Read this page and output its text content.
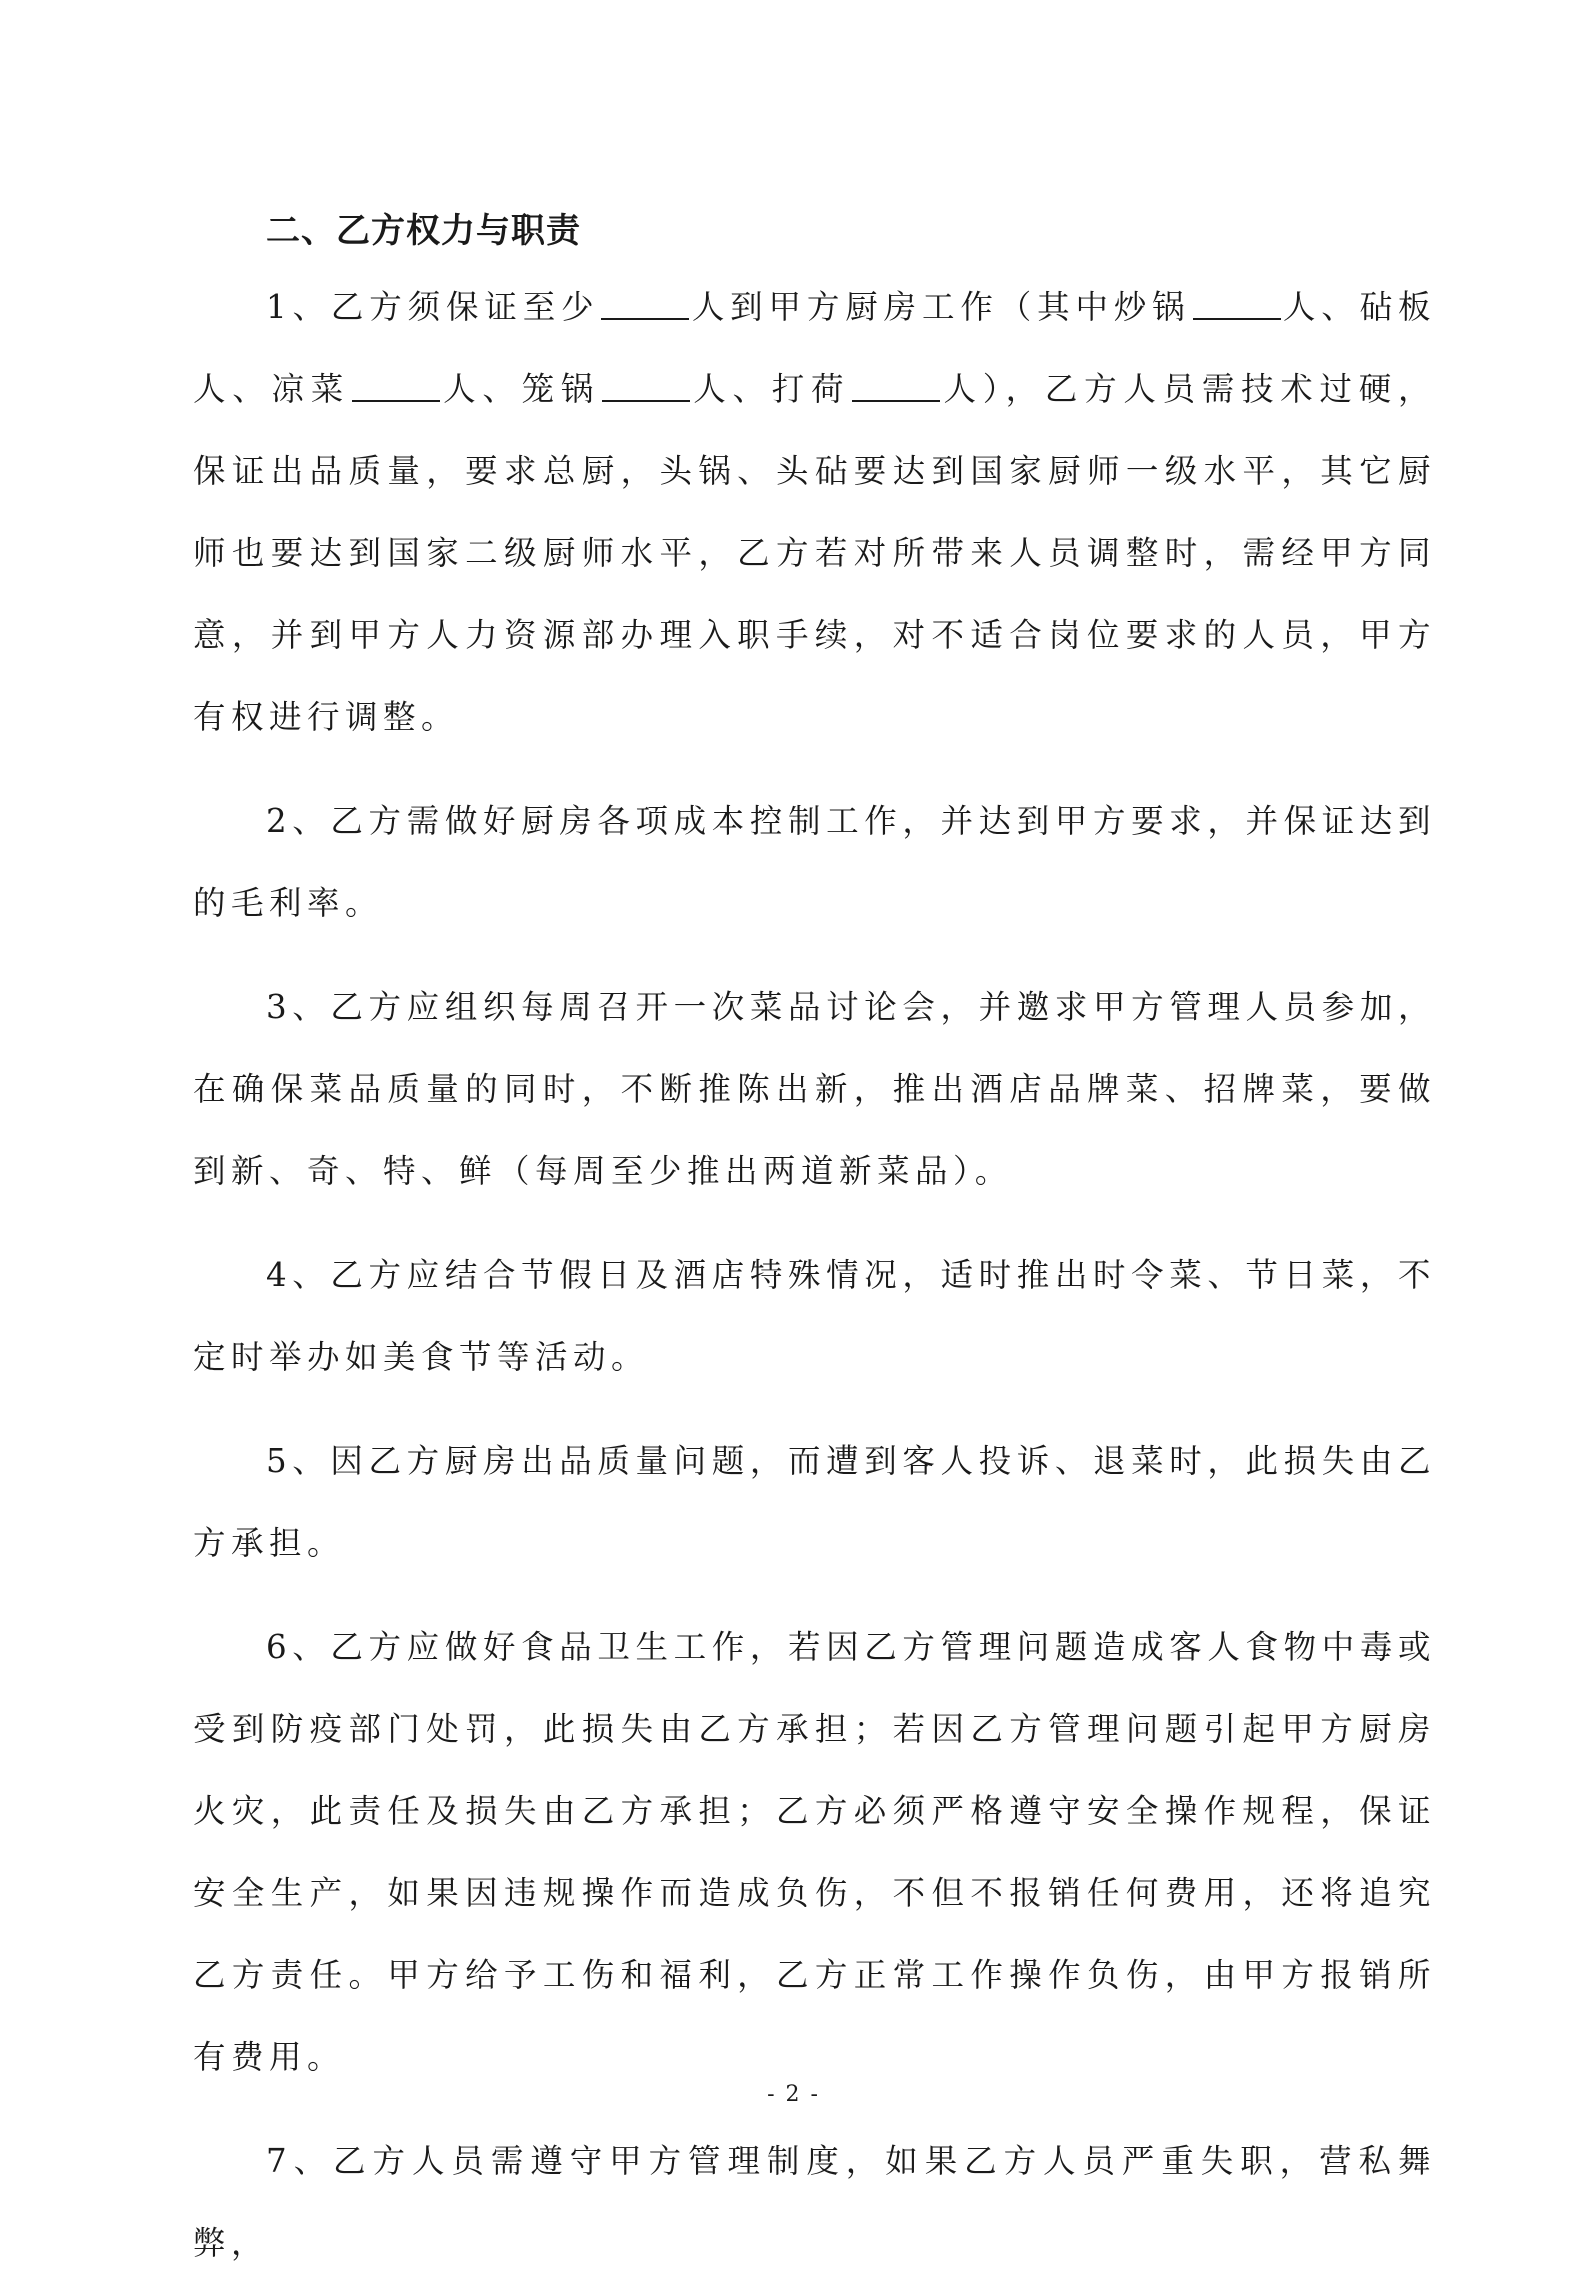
二、乙方权力与职责

1、乙方须保证至少	人到甲方厨房工作（其中炒锅	人、砧板人、凉菜	人、笼锅	人、打荷	人），乙方人员需技术过硬，保证出品质量，要求总厨，头锅、头砧要达到国家厨师一级水平，其它厨师也要达到国家二级厨师水平，乙方若对所带来人员调整时，需经甲方同意，并到甲方人力资源部办理入职手续，对不适合岗位要求的人员，甲方有权进行调整。

2、乙方需做好厨房各项成本控制工作，并达到甲方要求，并保证达到的毛利率。

3、乙方应组织每周召开一次菜品讨论会，并邀求甲方管理人员参加，在确保菜品质量的同时，不断推陈出新，推出酒店品牌菜、招牌菜，要做到新、奇、特、鲜（每周至少推出两道新菜品）。

4、乙方应结合节假日及酒店特殊情况，适时推出时令菜、节日菜，不定时举办如美食节等活动。

5、因乙方厨房出品质量问题，而遭到客人投诉、退菜时，此损失由乙方承担。

6、乙方应做好食品卫生工作，若因乙方管理问题造成客人食物中毒或受到防疫部门处罚，此损失由乙方承担；若因乙方管理问题引起甲方厨房火灾，此责任及损失由乙方承担；乙方必须严格遵守安全操作规程，保证安全生产，如果因违规操作而造成负伤，不但不报销任何费用，还将追究乙方责任。甲方给予工伤和福利，乙方正常工作操作负伤，由甲方报销所有费用。

7、乙方人员需遵守甲方管理制度，如果乙方人员严重失职，营私舞弊，

- 2 -
